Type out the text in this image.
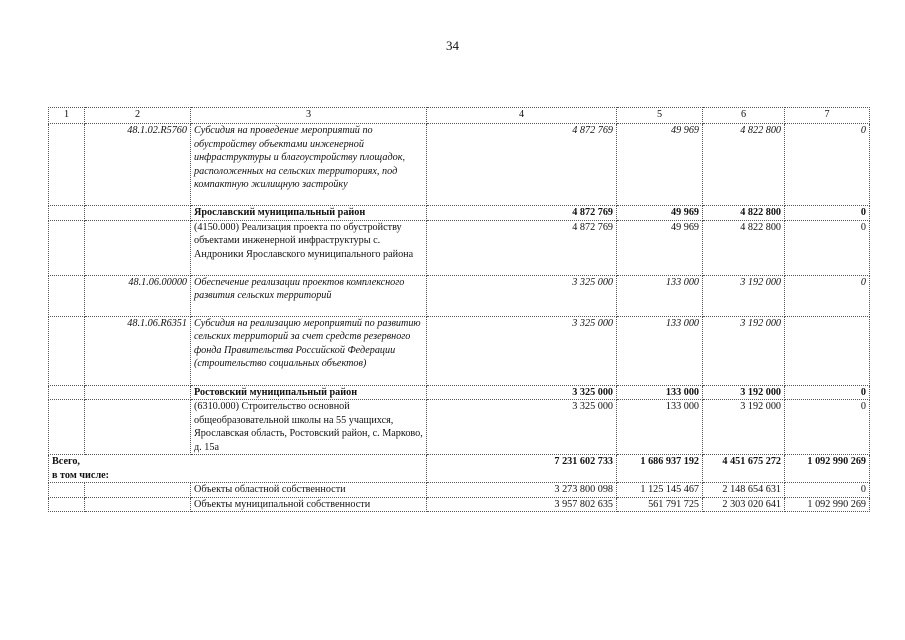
34
1	2	3	4	5	6	7
	48.1.02.R5760	Субсидия на проведение мероприятий по обустройству объектами инженерной инфраструктуры и благоустройству площадок, расположенных на сельских территориях, под компактную жилищную застройку	4 872 769	49 969	4 822 800	0
		Ярославский муниципальный район	4 872 769	49 969	4 822 800	0
		(4150.000) Реализация проекта по обустройству объектами инженерной инфраструктуры с. Андроники Ярославского муниципального района	4 872 769	49 969	4 822 800	0
	48.1.06.00000	Обеспечение реализации проектов комплексного развития сельских территорий	3 325 000	133 000	3 192 000	0
	48.1.06.R6351	Субсидия на реализацию мероприятий по развитию сельских территорий за счет средств резервного фонда Правительства Российской Федерации (строительство социальных объектов)	3 325 000	133 000	3 192 000	
		Ростовский муниципальный район	3 325 000	133 000	3 192 000	0
		(6310.000) Строительство основной общеобразовательной школы на 55 учащихся, Ярославская область, Ростовский район, с. Марково, д. 15а	3 325 000	133 000	3 192 000	0

Всего,
в том числе:			7 231 602 733	1 686 937 192	4 451 675 272	1 092 990 269
		Объекты областной собственности	3 273 800 098	1 125 145 467	2 148 654 631	0
		Объекты муниципальной собственности	3 957 802 635	561 791 725	2 303 020 641	1 092 990 269
